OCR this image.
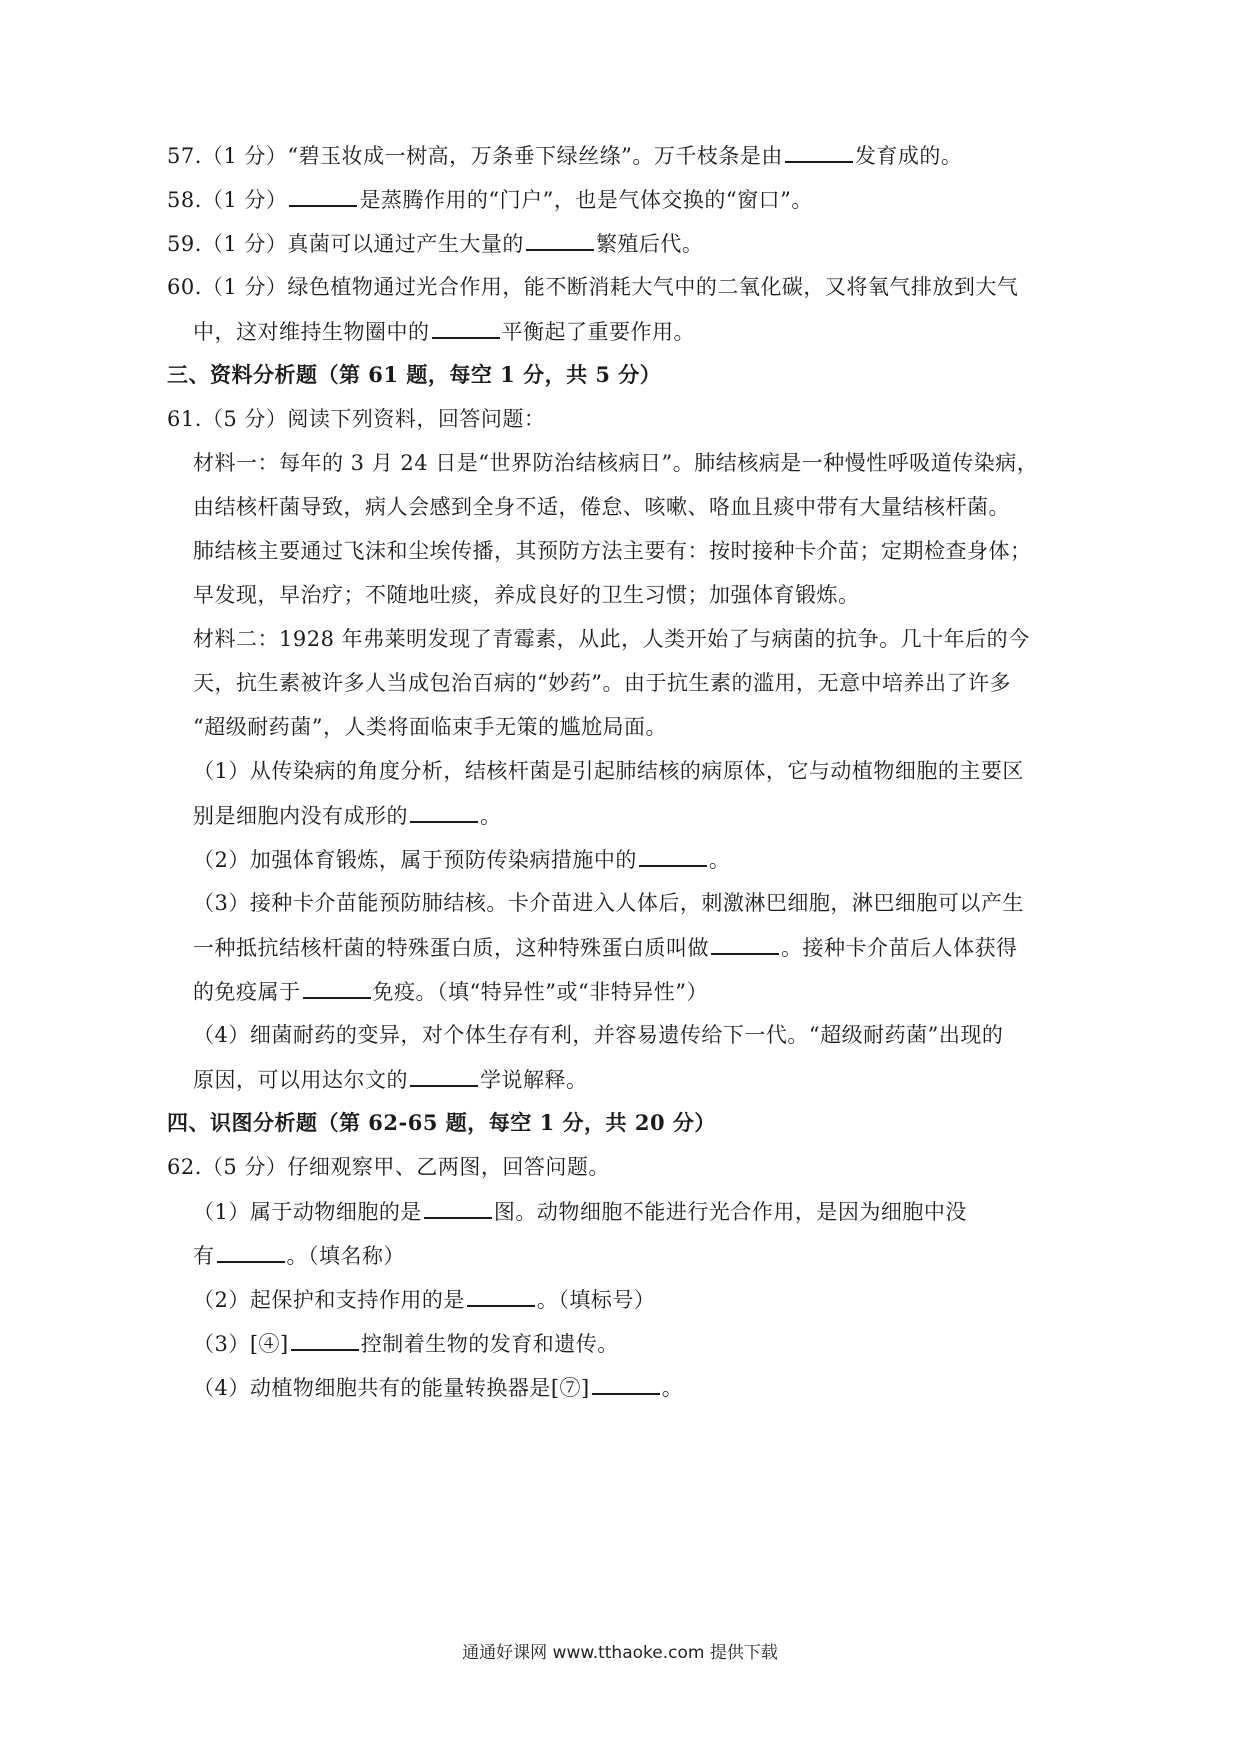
57.（1 分）“碧玉妆成一树高，万条垂下绿丝绦”。万千枝条是由	发育成的。
58.（1 分）	是蒸腾作用的“门户”，也是气体交换的“窗口”。
59.（1 分）真菌可以通过产生大量的	繁殖后代。
60.（1 分）绿色植物通过光合作用，能不断消耗大气中的二氧化碳，又将氧气排放到大气
中，这对维持生物圈中的	平衡起了重要作用。
三、资料分析题（第 61 题，每空 1 分，共 5 分）
61.（5 分）阅读下列资料，回答问题：
材料一：每年的 3 月 24 日是“世界防治结核病日”。肺结核病是一种慢性呼吸道传染病，
由结核杆菌导致，病人会感到全身不适，倦怠、咳嗽、咯血且痰中带有大量结核杆菌。
肺结核主要通过飞沫和尘埃传播，其预防方法主要有：按时接种卡介苗；定期检查身体；
早发现，早治疗；不随地吐痰，养成良好的卫生习惯；加强体育锻炼。
材料二：1928 年弗莱明发现了青霉素，从此，人类开始了与病菌的抗争。几十年后的今
天，抗生素被许多人当成包治百病的“妙药”。由于抗生素的滥用，无意中培养出了许多
“超级耐药菌”，人类将面临束手无策的尴尬局面。
（1）从传染病的角度分析，结核杆菌是引起肺结核的病原体，它与动植物细胞的主要区
别是细胞内没有成形的	。
（2）加强体育锻炼，属于预防传染病措施中的	。
（3）接种卡介苗能预防肺结核。卡介苗进入人体后，刺激淋巴细胞，淋巴细胞可以产生
一种抵抗结核杆菌的特殊蛋白质，这种特殊蛋白质叫做	。接种卡介苗后人体获得
的免疫属于	免疫。（填“特异性”或“非特异性”）
（4）细菌耐药的变异，对个体生存有利，并容易遗传给下一代。“超级耐药菌”出现的
原因，可以用达尔文的	学说解释。
四、识图分析题（第 62-65 题，每空 1 分，共 20 分）
62.（5 分）仔细观察甲、乙两图，回答问题。
（1）属于动物细胞的是	图。动物细胞不能进行光合作用，是因为细胞中没
有	。（填名称）
（2）起保护和支持作用的是	。（填标号）
（3）[④]	控制着生物的发育和遗传。
（4）动植物细胞共有的能量转换器是[⑦]	。
通通好课网 www.tthaoke.com 提供下载
